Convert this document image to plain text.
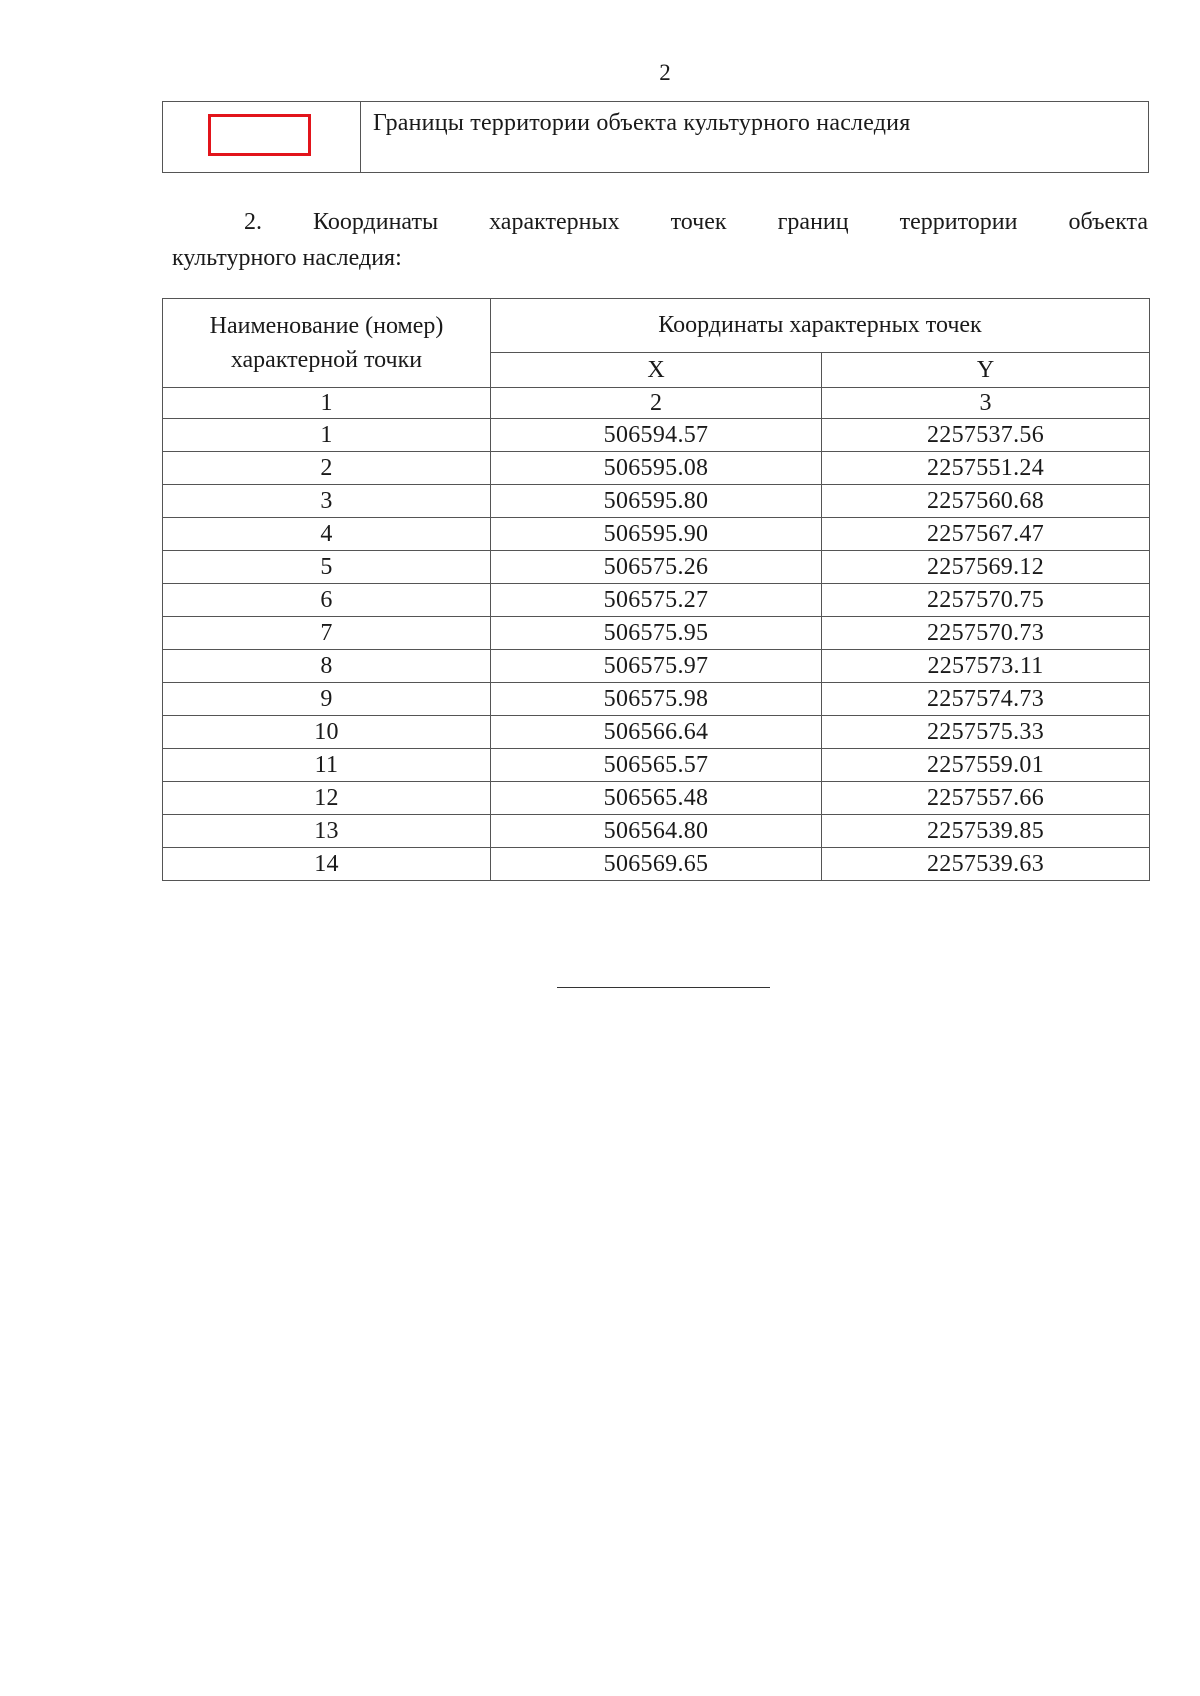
2
	Границы территории объекта культурного наследия
2. Координаты характерных точек границ территории объекта
культурного наследия:
Наименование (номер) характерной точки	Координаты характерных точек	
	X	Y
1	2	3
1	506594.57	2257537.56
2	506595.08	2257551.24
3	506595.80	2257560.68
4	506595.90	2257567.47
5	506575.26	2257569.12
6	506575.27	2257570.75
7	506575.95	2257570.73
8	506575.97	2257573.11
9	506575.98	2257574.73
10	506566.64	2257575.33
11	506565.57	2257559.01
12	506565.48	2257557.66
13	506564.80	2257539.85
14	506569.65	2257539.63
